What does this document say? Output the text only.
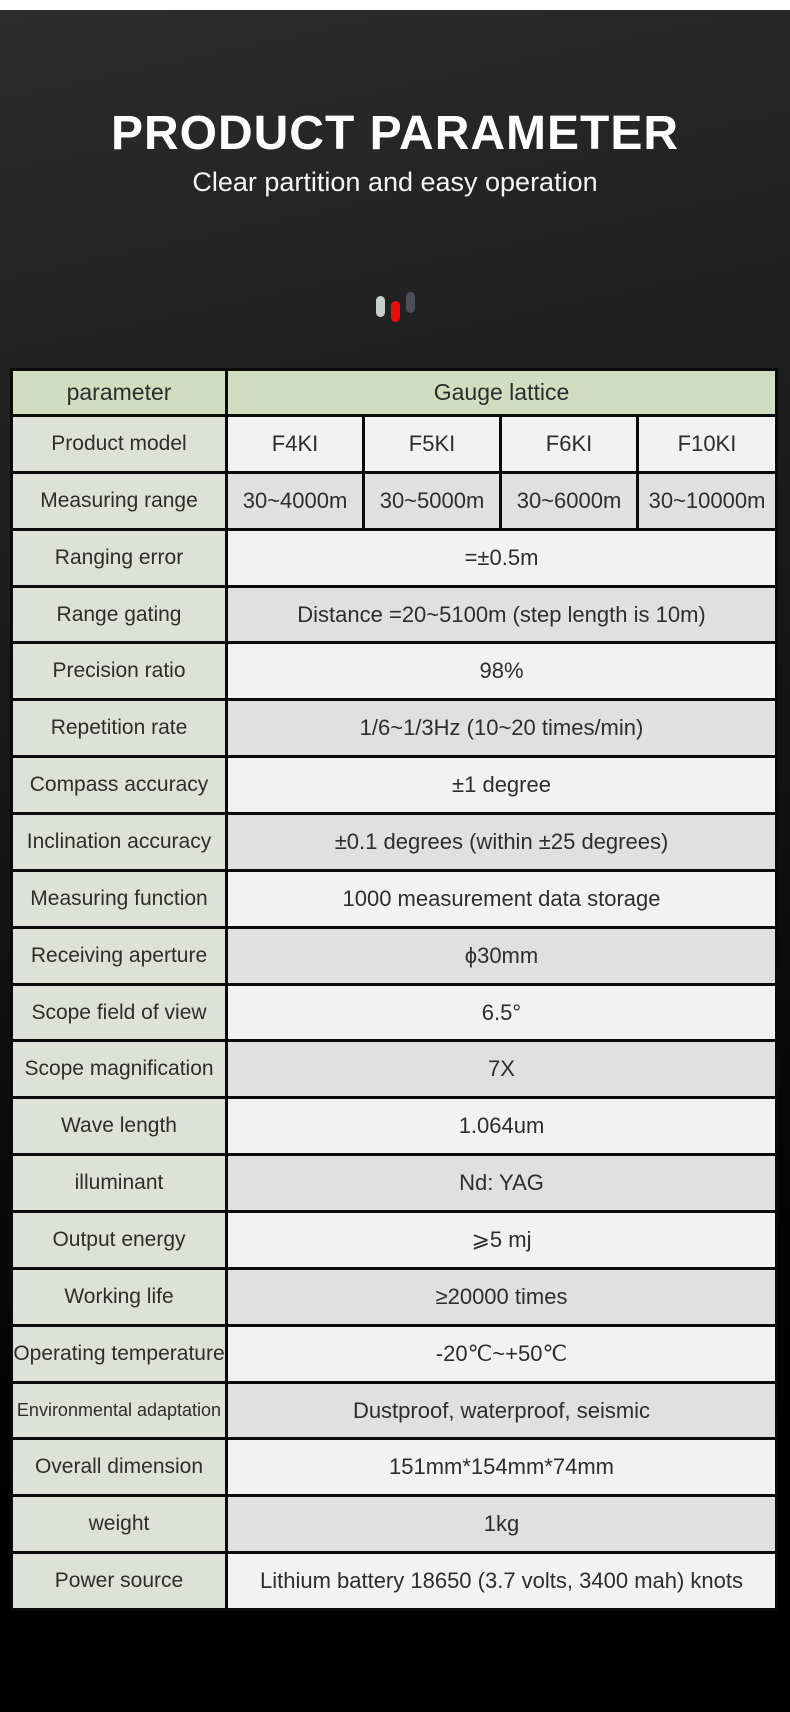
PRODUCT PARAMETER
Clear partition and easy operation
parameter	Gauge lattice
Product model	F4KI	F5KI	F6KI	F10KI
Measuring range	30~4000m	30~5000m	30~6000m	30~10000m
Ranging error	=±0.5m
Range gating	Distance =20~5100m (step length is 10m)
Precision ratio	98%
Repetition rate	1/6~1/3Hz (10~20 times/min)
Compass accuracy	±1 degree
Inclination accuracy	±0.1 degrees (within ±25 degrees)
Measuring function	1000 measurement data storage
Receiving aperture	ϕ30mm
Scope field of view	6.5°
Scope magnification	7X
Wave length	1.064um
illuminant	Nd: YAG
Output energy	⩾5 mj
Working life	≥20000 times
Operating temperature	-20℃~+50℃
Environmental adaptation	Dustproof, waterproof, seismic
Overall dimension	151mm*154mm*74mm
weight	1kg
Power source	Lithium battery 18650 (3.7 volts, 3400 mah) knots
